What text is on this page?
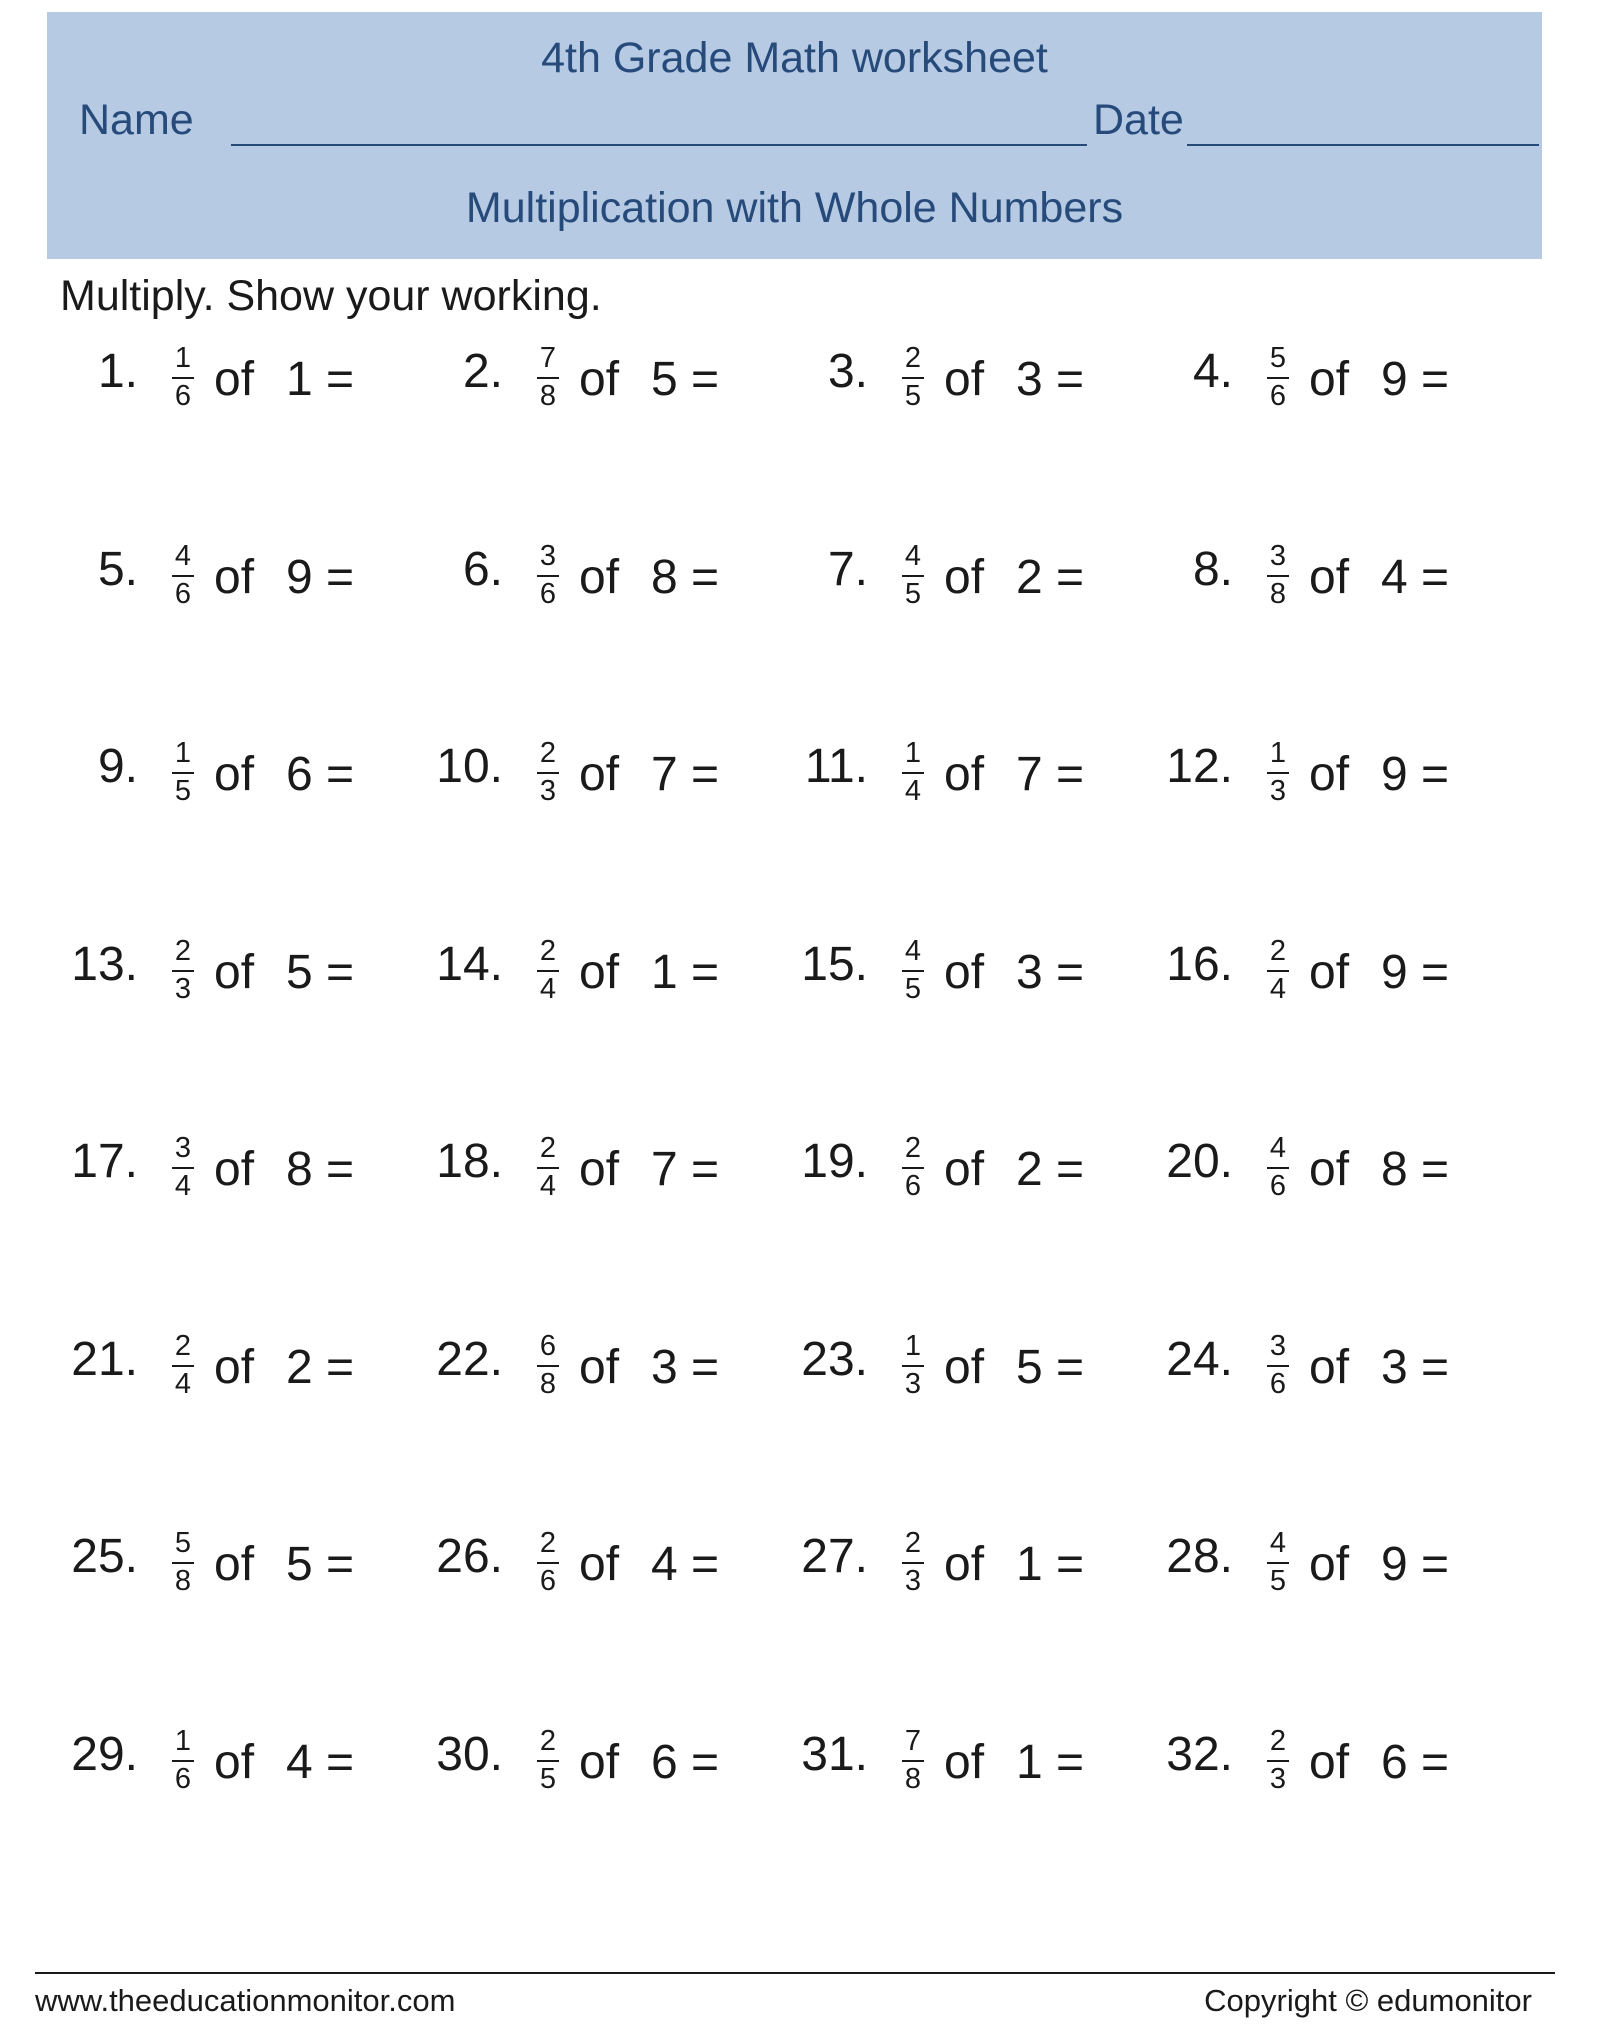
4th Grade Math worksheet
Name	Date
Multiplication with Whole Numbers
Multiply. Show your working.
1. 1
6 of 1 = 2. 7
8 of 5 = 3. 2
5 of 3 = 4. 5
6 of 9 =
5. 4
6 of 9 = 6. 3
6 of 8 = 7. 4
5 of 2 = 8. 3
8 of 4 =
9. 1
5 of 6 = 10. 2
3 of 7 = 11. 1
4 of 7 = 12. 1
3 of 9 =
13. 2
3 of 5 = 14. 2
4 of 1 = 15. 4
5 of 3 = 16. 2
4 of 9 =
17. 3
4 of 8 = 18. 2
4 of 7 = 19. 2
6 of 2 = 20. 4
6 of 8 =
21. 2
4 of 2 = 22. 6
8 of 3 = 23. 1
3 of 5 = 24. 3
6 of 3 =
25. 5
8 of 5 = 26. 2
6 of 4 = 27. 2
3 of 1 = 28. 4
5 of 9 =
29. 1
6 of 4 = 30. 2
5 of 6 = 31. 7
8 of 1 = 32. 2
3 of 6 =
www.theeducationmonitor.com	Copyright © edumonitor
